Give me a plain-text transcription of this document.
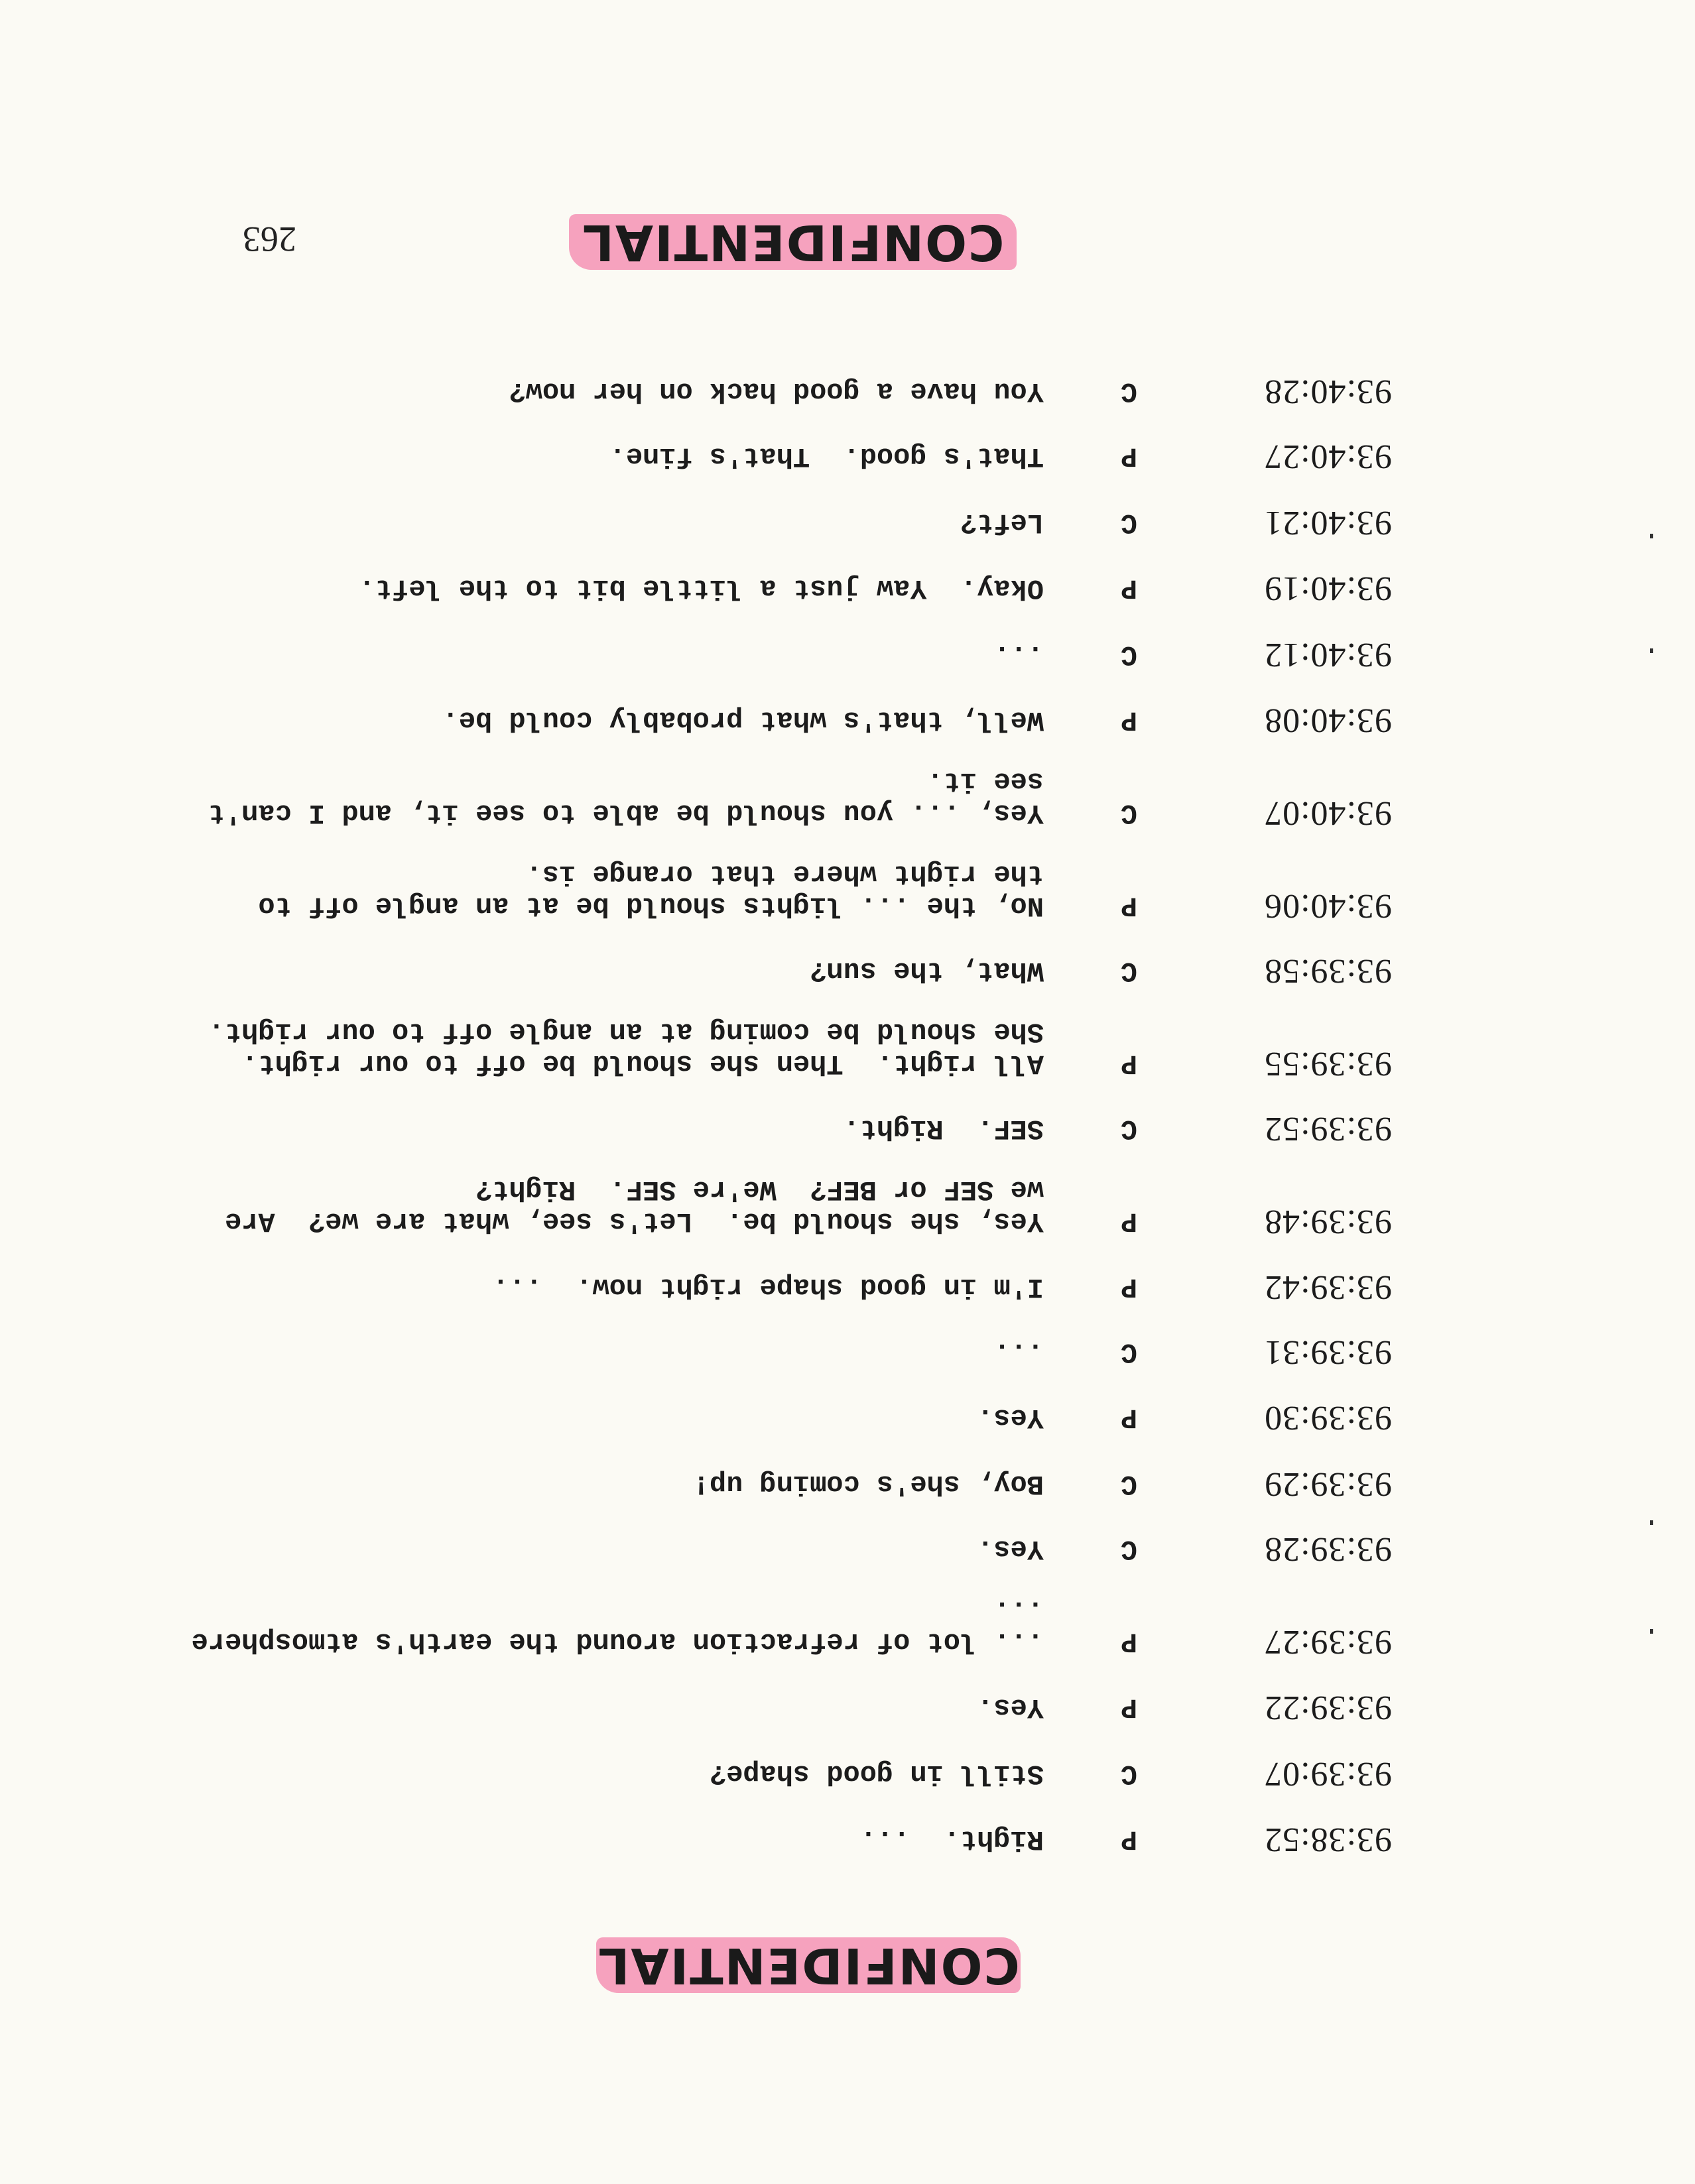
CONFIDENTIAL
263
93:38:52
P
Right.  ...
93:39:07
C
Still in good shape?
93:39:22
P
Yes.
93:39:27
P
... lot of refraction around the earth's atmosphere
...
93:39:28
C
Yes.
93:39:29
C
Boy, she's coming up!
93:39:30
P
Yes.
93:39:31
C
...
93:39:42
P
I'm in good shape right now.  ...
93:39:48
P
Yes, she should be.  Let's see, what are we?  Are
we SEF or BEF?  We're SEF.  Right?
93:39:52
C
SEF.  Right.
93:39:55
P
All right.  Then she should be off to our right.
She should be coming at an angle off to our right.
93:39:58
C
What, the sun?
93:40:06
P
No, the ... lights should be at an angle off to
the right where that orange is.
93:40:07
C
Yes, ... you should be able to see it, and I can't
see it.
93:40:08
P
Well, that's what probably could be.
93:40:12
C
...
93:40:19
P
Okay.  Yaw just a little bit to the left.
93:40:21
C
Left?
93:40:27
P
That's good.  That's fine.
93:40:28
C
You have a good hack on her now?
CONFIDENTIAL
